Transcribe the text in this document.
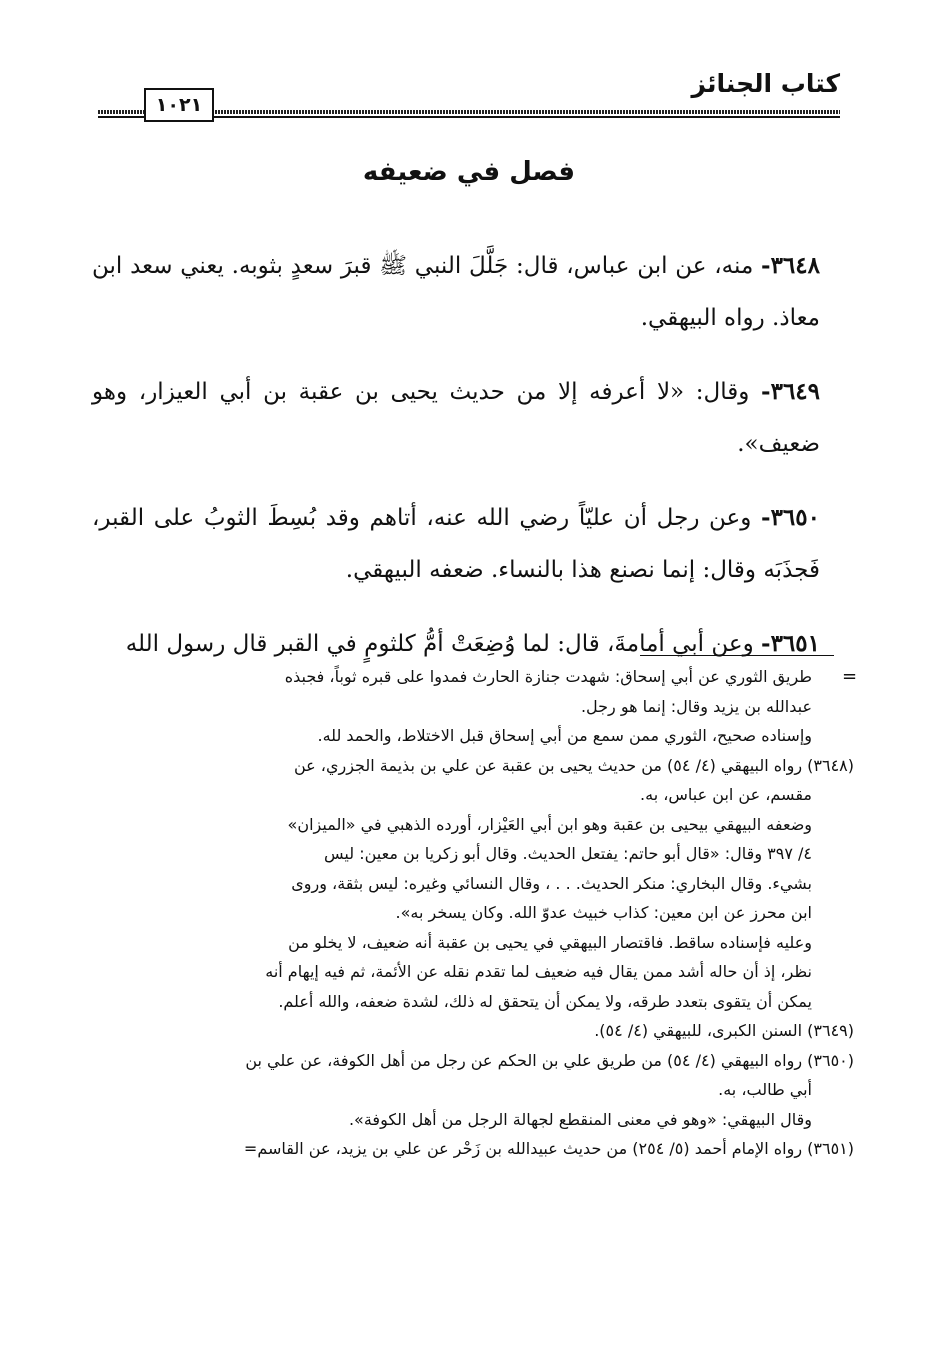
كتاب الجنائز
١٠٢١
فصل في ضعيفه

٣٦٤٨- منه، عن ابن عباس، قال: جَلَّلَ النبي ﷺ قبرَ سعدٍ بثوبه. يعني سعد ابن معاذ. رواه البيهقي.

٣٦٤٩- وقال: «لا أعرفه إلا من حديث يحيى بن عقبة بن أبي العيزار، وهو ضعيف».

٣٦٥٠- وعن رجل أن عليّاً رضي الله عنه، أتاهم وقد بُسِطَ الثوبُ على القبر، فَجذَبَه وقال: إنما نصنع هذا بالنساء. ضعفه البيهقي.

٣٦٥١- وعن أبي أمامةَ، قال: لما وُضِعَتْ أمُّ كلثومٍ في القبر قال رسول الله

=
طريق الثوري عن أبي إسحاق: شهدت جنازة الحارث فمدوا على قبره ثوباً، فجبذه
عبدالله بن يزيد وقال: إنما هو رجل.
وإسناده صحيح، الثوري ممن سمع من أبي إسحاق قبل الاختلاط، والحمد لله.
(٣٦٤٨) رواه البيهقي (٤/ ٥٤) من حديث يحيى بن عقبة عن علي بن بذيمة الجزري، عن
مقسم، عن ابن عباس، به.
وضعفه البيهقي بيحيى بن عقبة وهو ابن أبي العَيْزار، أورده الذهبي في «الميزان»
٤/ ٣٩٧ وقال: «قال أبو حاتم: يفتعل الحديث. وقال أبو زكريا بن معين: ليس
بشيء. وقال البخاري: منكر الحديث. . . ، وقال النسائي وغيره: ليس بثقة، وروى
ابن محرز عن ابن معين: كذاب خبيث عدوّ الله. وكان يسخر به».
وعليه فإسناده ساقط. فاقتصار البيهقي في يحيى بن عقبة أنه ضعيف، لا يخلو من
نظر، إذ أن حاله أشد ممن يقال فيه ضعيف لما تقدم نقله عن الأئمة، ثم فيه إيهام أنه
يمكن أن يتقوى بتعدد طرقه، ولا يمكن أن يتحقق له ذلك، لشدة ضعفه، والله أعلم.
(٣٦٤٩) السنن الكبرى، للبيهقي (٤/ ٥٤).
(٣٦٥٠) رواه البيهقي (٤/ ٥٤) من طريق علي بن الحكم عن رجل من أهل الكوفة، عن علي بن
أبي طالب، به.
وقال البيهقي: «وهو في معنى المنقطع لجهالة الرجل من أهل الكوفة».
(٣٦٥١) رواه الإمام أحمد (٥/ ٢٥٤) من حديث عبيدالله بن زَحْر عن علي بن يزيد، عن القاسم=
